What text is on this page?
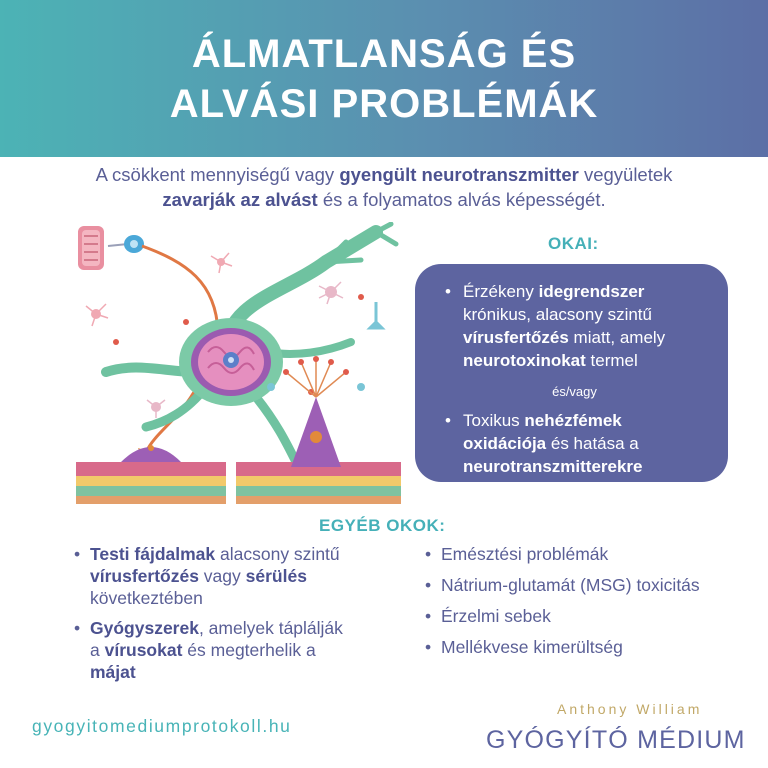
ÁLMATLANSÁG ÉS
ALVÁSI PROBLÉMÁK
A csökkent mennyiségű vagy gyengült neurotranszmitter vegyületek
zavarják az alvást és a folyamatos alvás képességét.
OKAI:
• Érzékeny idegrendszer krónikus, alacsony szintű vírusfertőzés miatt, amely neurotoxinokat termel
és/vagy
• Toxikus nehézfémek oxidációja és hatása a neurotranszmitterekre
EGYÉB OKOK:
• Testi fájdalmak alacsony szintű vírusfertőzés vagy sérülés következtében
• Gyógyszerek, amelyek táplálják a vírusokat és megterhelik a májat
• Emésztési problémák
• Nátrium-glutamát (MSG) toxicitás
• Érzelmi sebek
• Mellékvese kimerültség
gyogyitomediumprotokoll.hu
Anthony William
GYÓGYÍTÓ MÉDIUM
